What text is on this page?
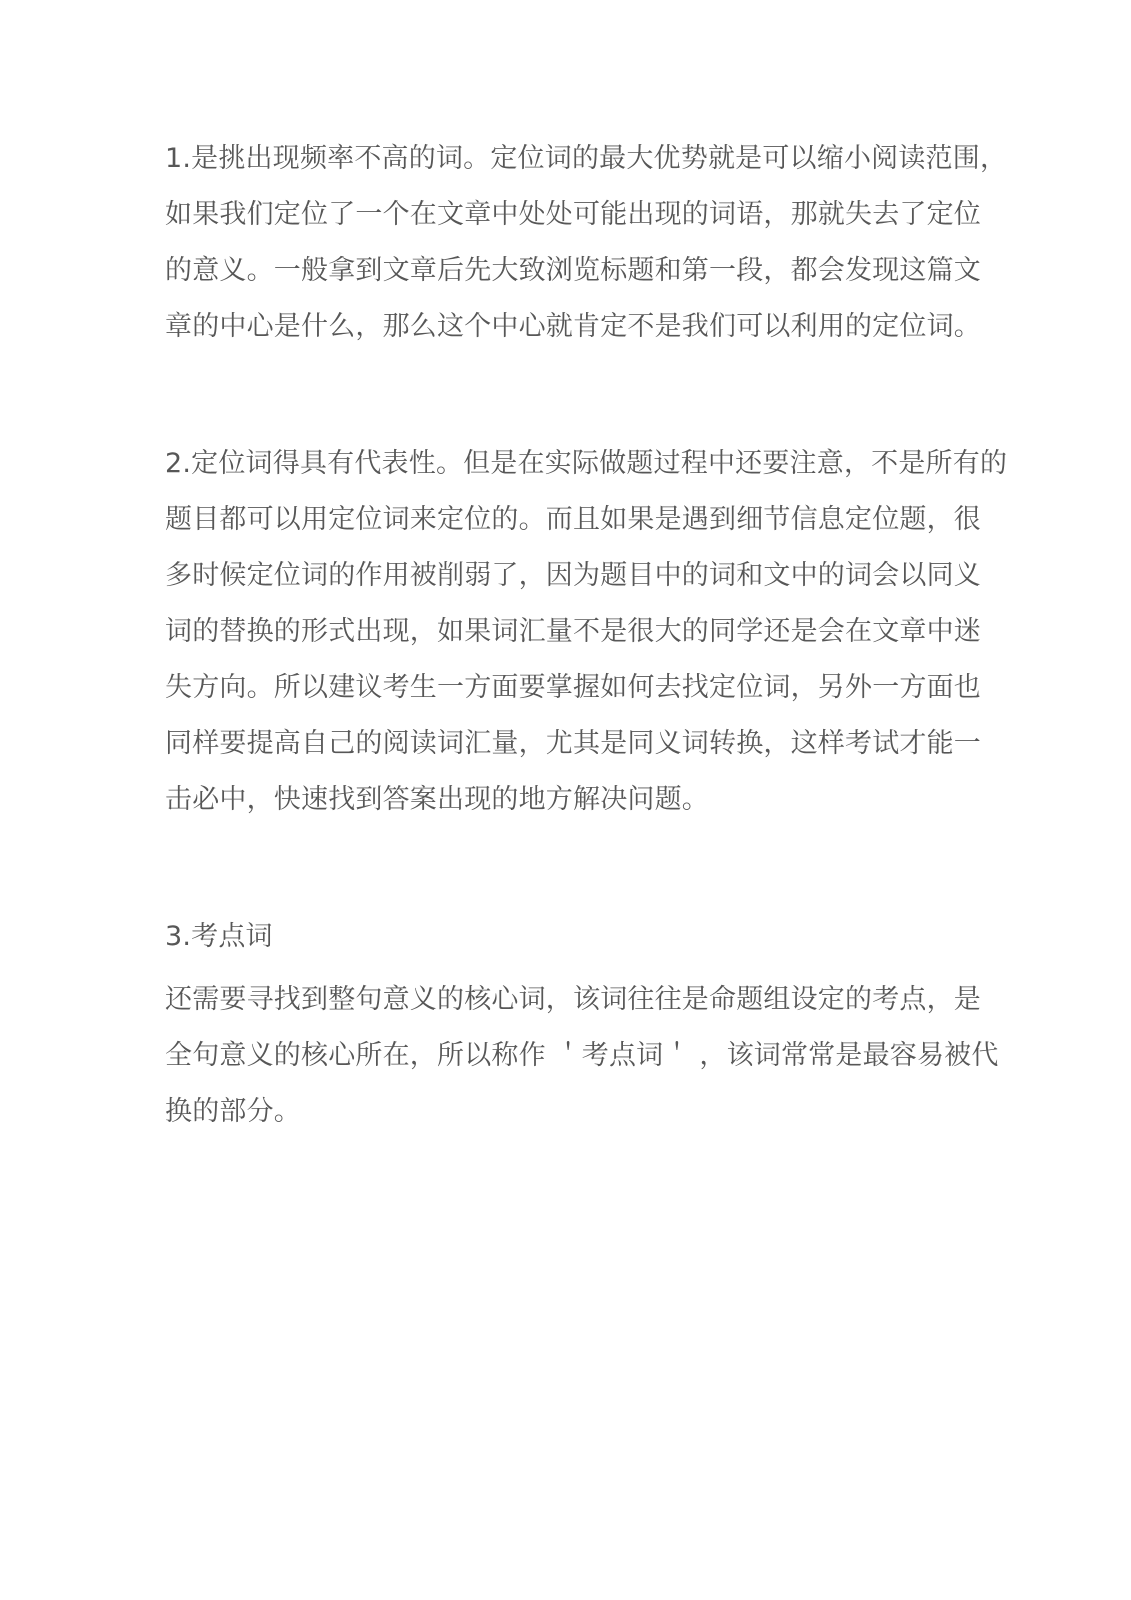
1.是挑出现频率不高的词。定位词的最大优势就是可以缩小阅读范围，
如果我们定位了一个在文章中处处可能出现的词语，那就失去了定位
的意义。一般拿到文章后先大致浏览标题和第一段，都会发现这篇文
章的中心是什么，那么这个中心就肯定不是我们可以利用的定位词。
2.定位词得具有代表性。但是在实际做题过程中还要注意，不是所有的
题目都可以用定位词来定位的。而且如果是遇到细节信息定位题，很
多时候定位词的作用被削弱了，因为题目中的词和文中的词会以同义
词的替换的形式出现，如果词汇量不是很大的同学还是会在文章中迷
失方向。所以建议考生一方面要掌握如何去找定位词，另外一方面也
同样要提高自己的阅读词汇量，尤其是同义词转换，这样考试才能一
击必中，快速找到答案出现的地方解决问题。
3.考点词
还需要寻找到整句意义的核心词，该词往往是命题组设定的考点，是
全句意义的核心所在，所以称作 ＇考点词＇ ，该词常常是最容易被代
换的部分。
